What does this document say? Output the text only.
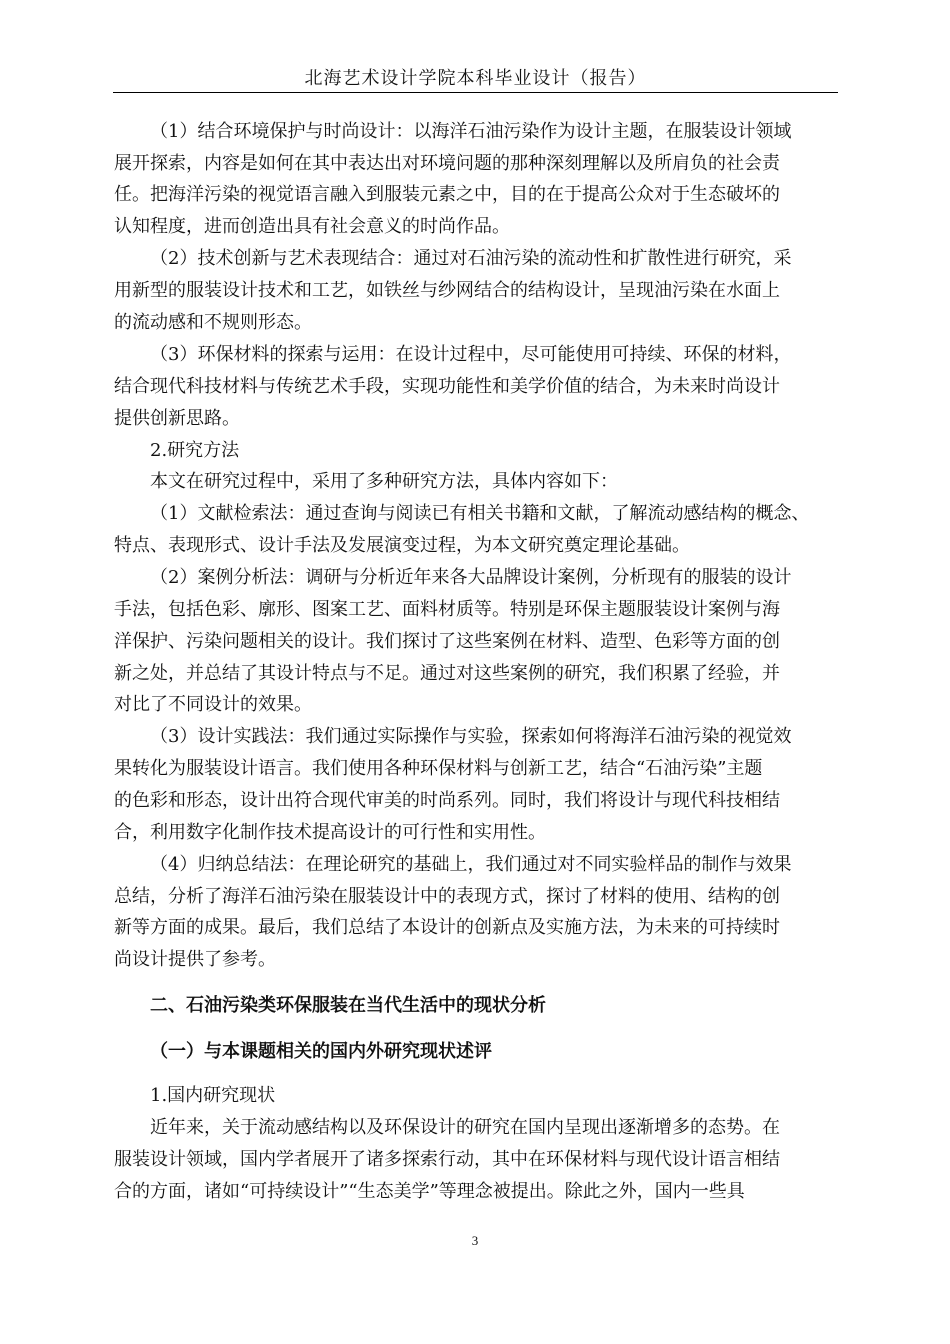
北海艺术设计学院本科毕业设计（报告）
（1）结合环境保护与时尚设计：以海洋石油污染作为设计主题，在服装设计领域
展开探索，内容是如何在其中表达出对环境问题的那种深刻理解以及所肩负的社会责
任。把海洋污染的视觉语言融入到服装元素之中，目的在于提高公众对于生态破坏的
认知程度，进而创造出具有社会意义的时尚作品。
（2）技术创新与艺术表现结合：通过对石油污染的流动性和扩散性进行研究，采
用新型的服装设计技术和工艺，如铁丝与纱网结合的结构设计，呈现油污染在水面上
的流动感和不规则形态。
（3）环保材料的探索与运用：在设计过程中，尽可能使用可持续、环保的材料，
结合现代科技材料与传统艺术手段，实现功能性和美学价值的结合，为未来时尚设计
提供创新思路。
2.研究方法
本文在研究过程中，采用了多种研究方法，具体内容如下：
（1）文献检索法：通过查询与阅读已有相关书籍和文献，了解流动感结构的概念、
特点、表现形式、设计手法及发展演变过程，为本文研究奠定理论基础。
（2）案例分析法：调研与分析近年来各大品牌设计案例，分析现有的服装的设计
手法，包括色彩、廓形、图案工艺、面料材质等。特别是环保主题服装设计案例与海
洋保护、污染问题相关的设计。我们探讨了这些案例在材料、造型、色彩等方面的创
新之处，并总结了其设计特点与不足。通过对这些案例的研究，我们积累了经验，并
对比了不同设计的效果。
（3）设计实践法：我们通过实际操作与实验，探索如何将海洋石油污染的视觉效
果转化为服装设计语言。我们使用各种环保材料与创新工艺，结合“石油污染”主题
的色彩和形态，设计出符合现代审美的时尚系列。同时，我们将设计与现代科技相结
合，利用数字化制作技术提高设计的可行性和实用性。
（4）归纳总结法：在理论研究的基础上，我们通过对不同实验样品的制作与效果
总结，分析了海洋石油污染在服装设计中的表现方式，探讨了材料的使用、结构的创
新等方面的成果。最后，我们总结了本设计的创新点及实施方法，为未来的可持续时
尚设计提供了参考。
二、石油污染类环保服装在当代生活中的现状分析
（一）与本课题相关的国内外研究现状述评
1.国内研究现状
近年来，关于流动感结构以及环保设计的研究在国内呈现出逐渐增多的态势。在
服装设计领域，国内学者展开了诸多探索行动，其中在环保材料与现代设计语言相结
合的方面，诸如“可持续设计”“生态美学”等理念被提出。除此之外，国内一些具
3
